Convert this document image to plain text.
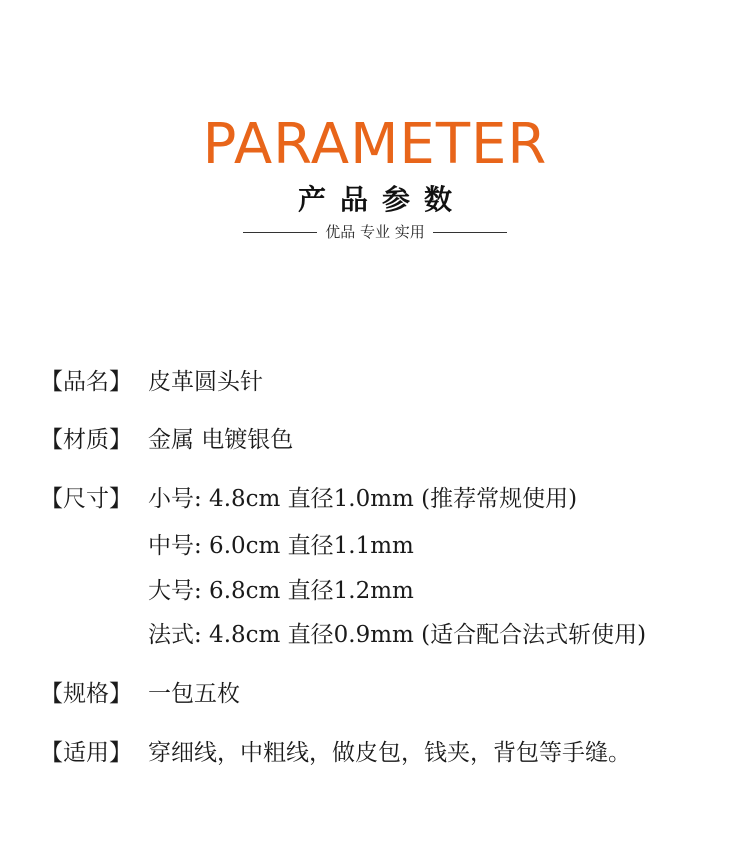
PARAMETER
产品参数
优品 专业 实用
【品名】 皮革圆头针
【材质】 金属 电镀银色
【尺寸】 小号: 4.8cm 直径1.0mm (推荐常规使用)
中号: 6.0cm 直径1.1mm
大号: 6.8cm 直径1.2mm
法式: 4.8cm 直径0.9mm (适合配合法式斩使用)
【规格】 一包五枚
【适用】 穿细线，中粗线，做皮包，钱夹，背包等手缝。
